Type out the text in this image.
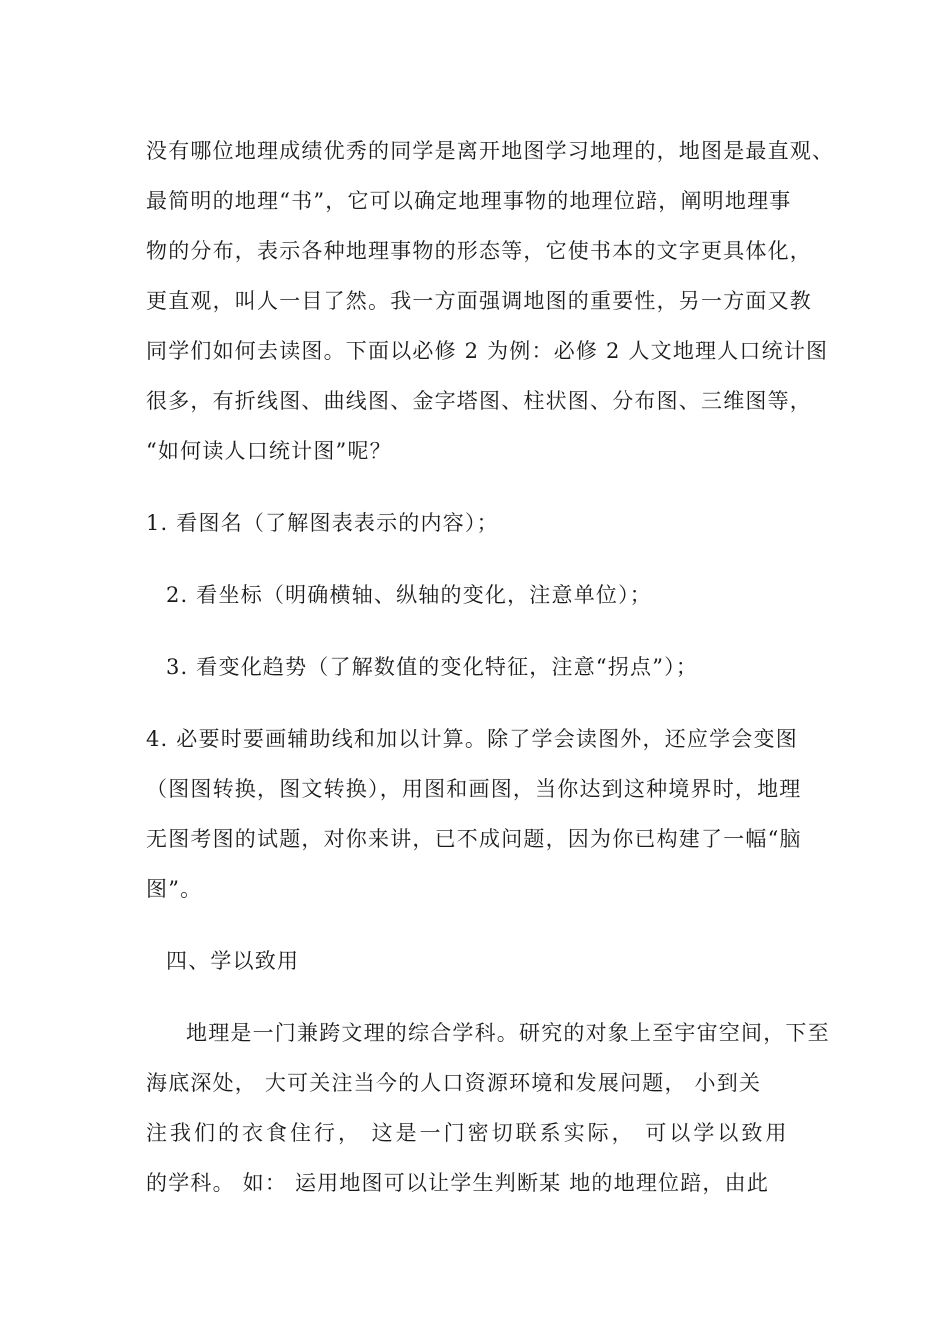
没有哪位地理成绩优秀的同学是离开地图学习地理的，地图是最直观、
最简明的地理“书”，它可以确定地理事物的地理位踣，阐明地理事
物的分布，表示各种地理事物的形态等，它使书本的文字更具体化，
更直观，叫人一目了然。我一方面强调地图的重要性，另一方面又教
同学们如何去读图。下面以必修 2 为例：必修 2 人文地理人口统计图
很多，有折线图、曲线图、金字塔图、柱状图、分布图、三维图等，
“如何读人口统计图”呢？
1. 看图名（了解图表表示的内容）；
2. 看坐标（明确横轴、纵轴的变化，注意单位）；
3. 看变化趋势（了解数值的变化特征，注意“拐点”）；
4. 必要时要画辅助线和加以计算。除了学会读图外，还应学会变图
（图图转换，图文转换），用图和画图，当你达到这种境界时，地理
无图考图的试题，对你来讲，已不成问题，因为你已构建了一幅“脑
图”。
四、学以致用
地理是一门兼跨文理的综合学科。研究的对象上至宇宙空间，下至
海底深处， 大可关注当今的人口资源环境和发展问题， 小到关
注我们的衣食住行， 这是一门密切联系实际， 可以学以致用
的学科。 如： 运用地图可以让学生判断某 地的地理位踣，由此
